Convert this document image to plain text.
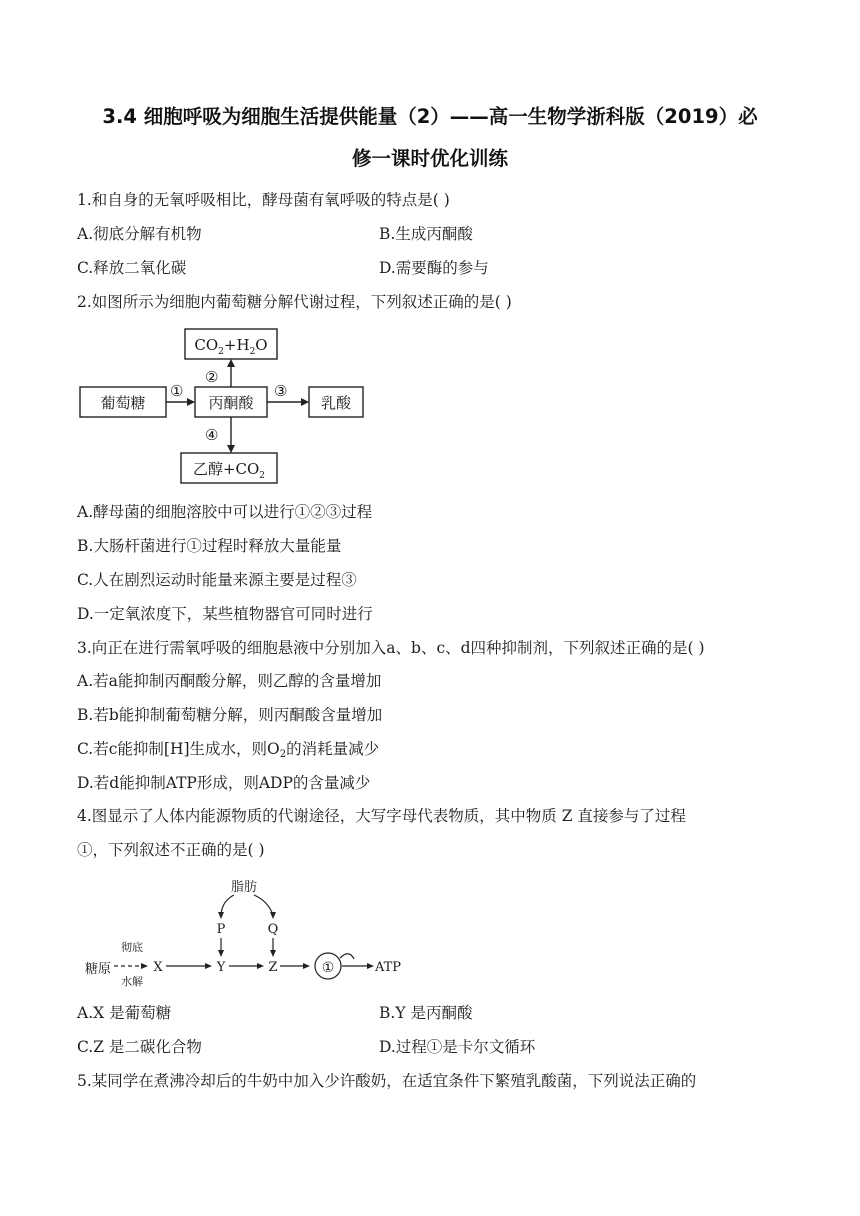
3.4 细胞呼吸为细胞生活提供能量（2）——高一生物学浙科版（2019）必
修一课时优化训练
1.和自身的无氧呼吸相比，酵母菌有氧呼吸的特点是( )
A.彻底分解有机物	B.生成丙酮酸
C.释放二氧化碳	D.需要酶的参与
2.如图所示为细胞内葡萄糖分解代谢过程，下列叙述正确的是( )
$CO_2+H_2O$
葡萄糖	丙酮酸	乳酸
乙醇$+CO_2$
①
②
③
④
A.酵母菌的细胞溶胶中可以进行①②③过程
B.大肠杆菌进行①过程时释放大量能量
C.人在剧烈运动时能量来源主要是过程③
D.一定氧浓度下，某些植物器官可同时进行
3.向正在进行需氧呼吸的细胞悬液中分别加入a、b、c、d四种抑制剂，下列叙述正确的是( )
A.若a能抑制丙酮酸分解，则乙醇的含量增加
B.若b能抑制葡萄糖分解，则丙酮酸含量增加
C.若c能抑制[H]生成水，则$O_2$的消耗量减少
D.若d能抑制ATP形成，则ADP的含量减少
4.图显示了人体内能源物质的代谢途径，大写字母代表物质，其中物质 Z 直接参与了过程
①，下列叙述不正确的是( )
脂肪
糖原
彻底
水解
X	Y	Z
P	Q
①	ATP
A.X 是葡萄糖	B.Y 是丙酮酸
C.Z 是二碳化合物	D.过程①是卡尔文循环
5.某同学在煮沸冷却后的牛奶中加入少许酸奶，在适宜条件下繁殖乳酸菌，下列说法正确的
